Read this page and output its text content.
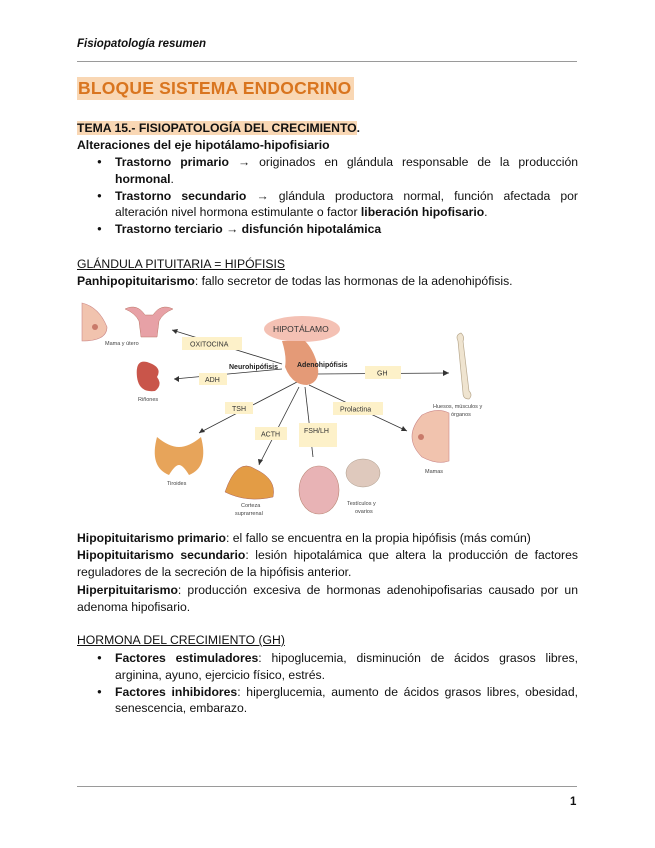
Fisiopatología resumen
BLOQUE SISTEMA ENDOCRINO
TEMA 15.- FISIOPATOLOGÍA DEL CRECIMIENTO.
Alteraciones del eje hipotálamo-hipofisiario
● Trastorno primario → originados en glándula responsable de la producción hormonal.
● Trastorno secundario → glándula productora normal, función afectada por alteración nivel hormona estimulante o factor liberación hipofisario.
● Trastorno terciario → disfunción hipotalámica
GLÁNDULA PITUITARIA = HIPÓFISIS
Panhipopituitarismo: fallo secretor de todas las hormonas de la adenohipófisis.
HIPOTÁLAMO
Neurohipófisis	Adenohipófisis
OXITOCINA
ADH
TSH
ACTH	FSH/LH
Prolactina
GH
Mama y útero
Riñones
Tiroides
Corteza
suprarrenal
Testículos y
ovarios
Mamas
Huesos, músculos y
órganos
Hipopituitarismo primario: el fallo se encuentra en la propia hipófisis (más común)
Hipopituitarismo secundario: lesión hipotalámica que altera la producción de factores reguladores de la secreción de la hipófisis anterior.
Hiperpituitarismo: producción excesiva de hormonas adenohipofisarias causado por un adenoma hipofisario.
HORMONA DEL CRECIMIENTO (GH)
● Factores estimuladores: hipoglucemia, disminución de ácidos grasos libres, arginina, ayuno, ejercicio físico, estrés.
● Factores inhibidores: hiperglucemia, aumento de ácidos grasos libres, obesidad, senescencia, embarazo.
1
